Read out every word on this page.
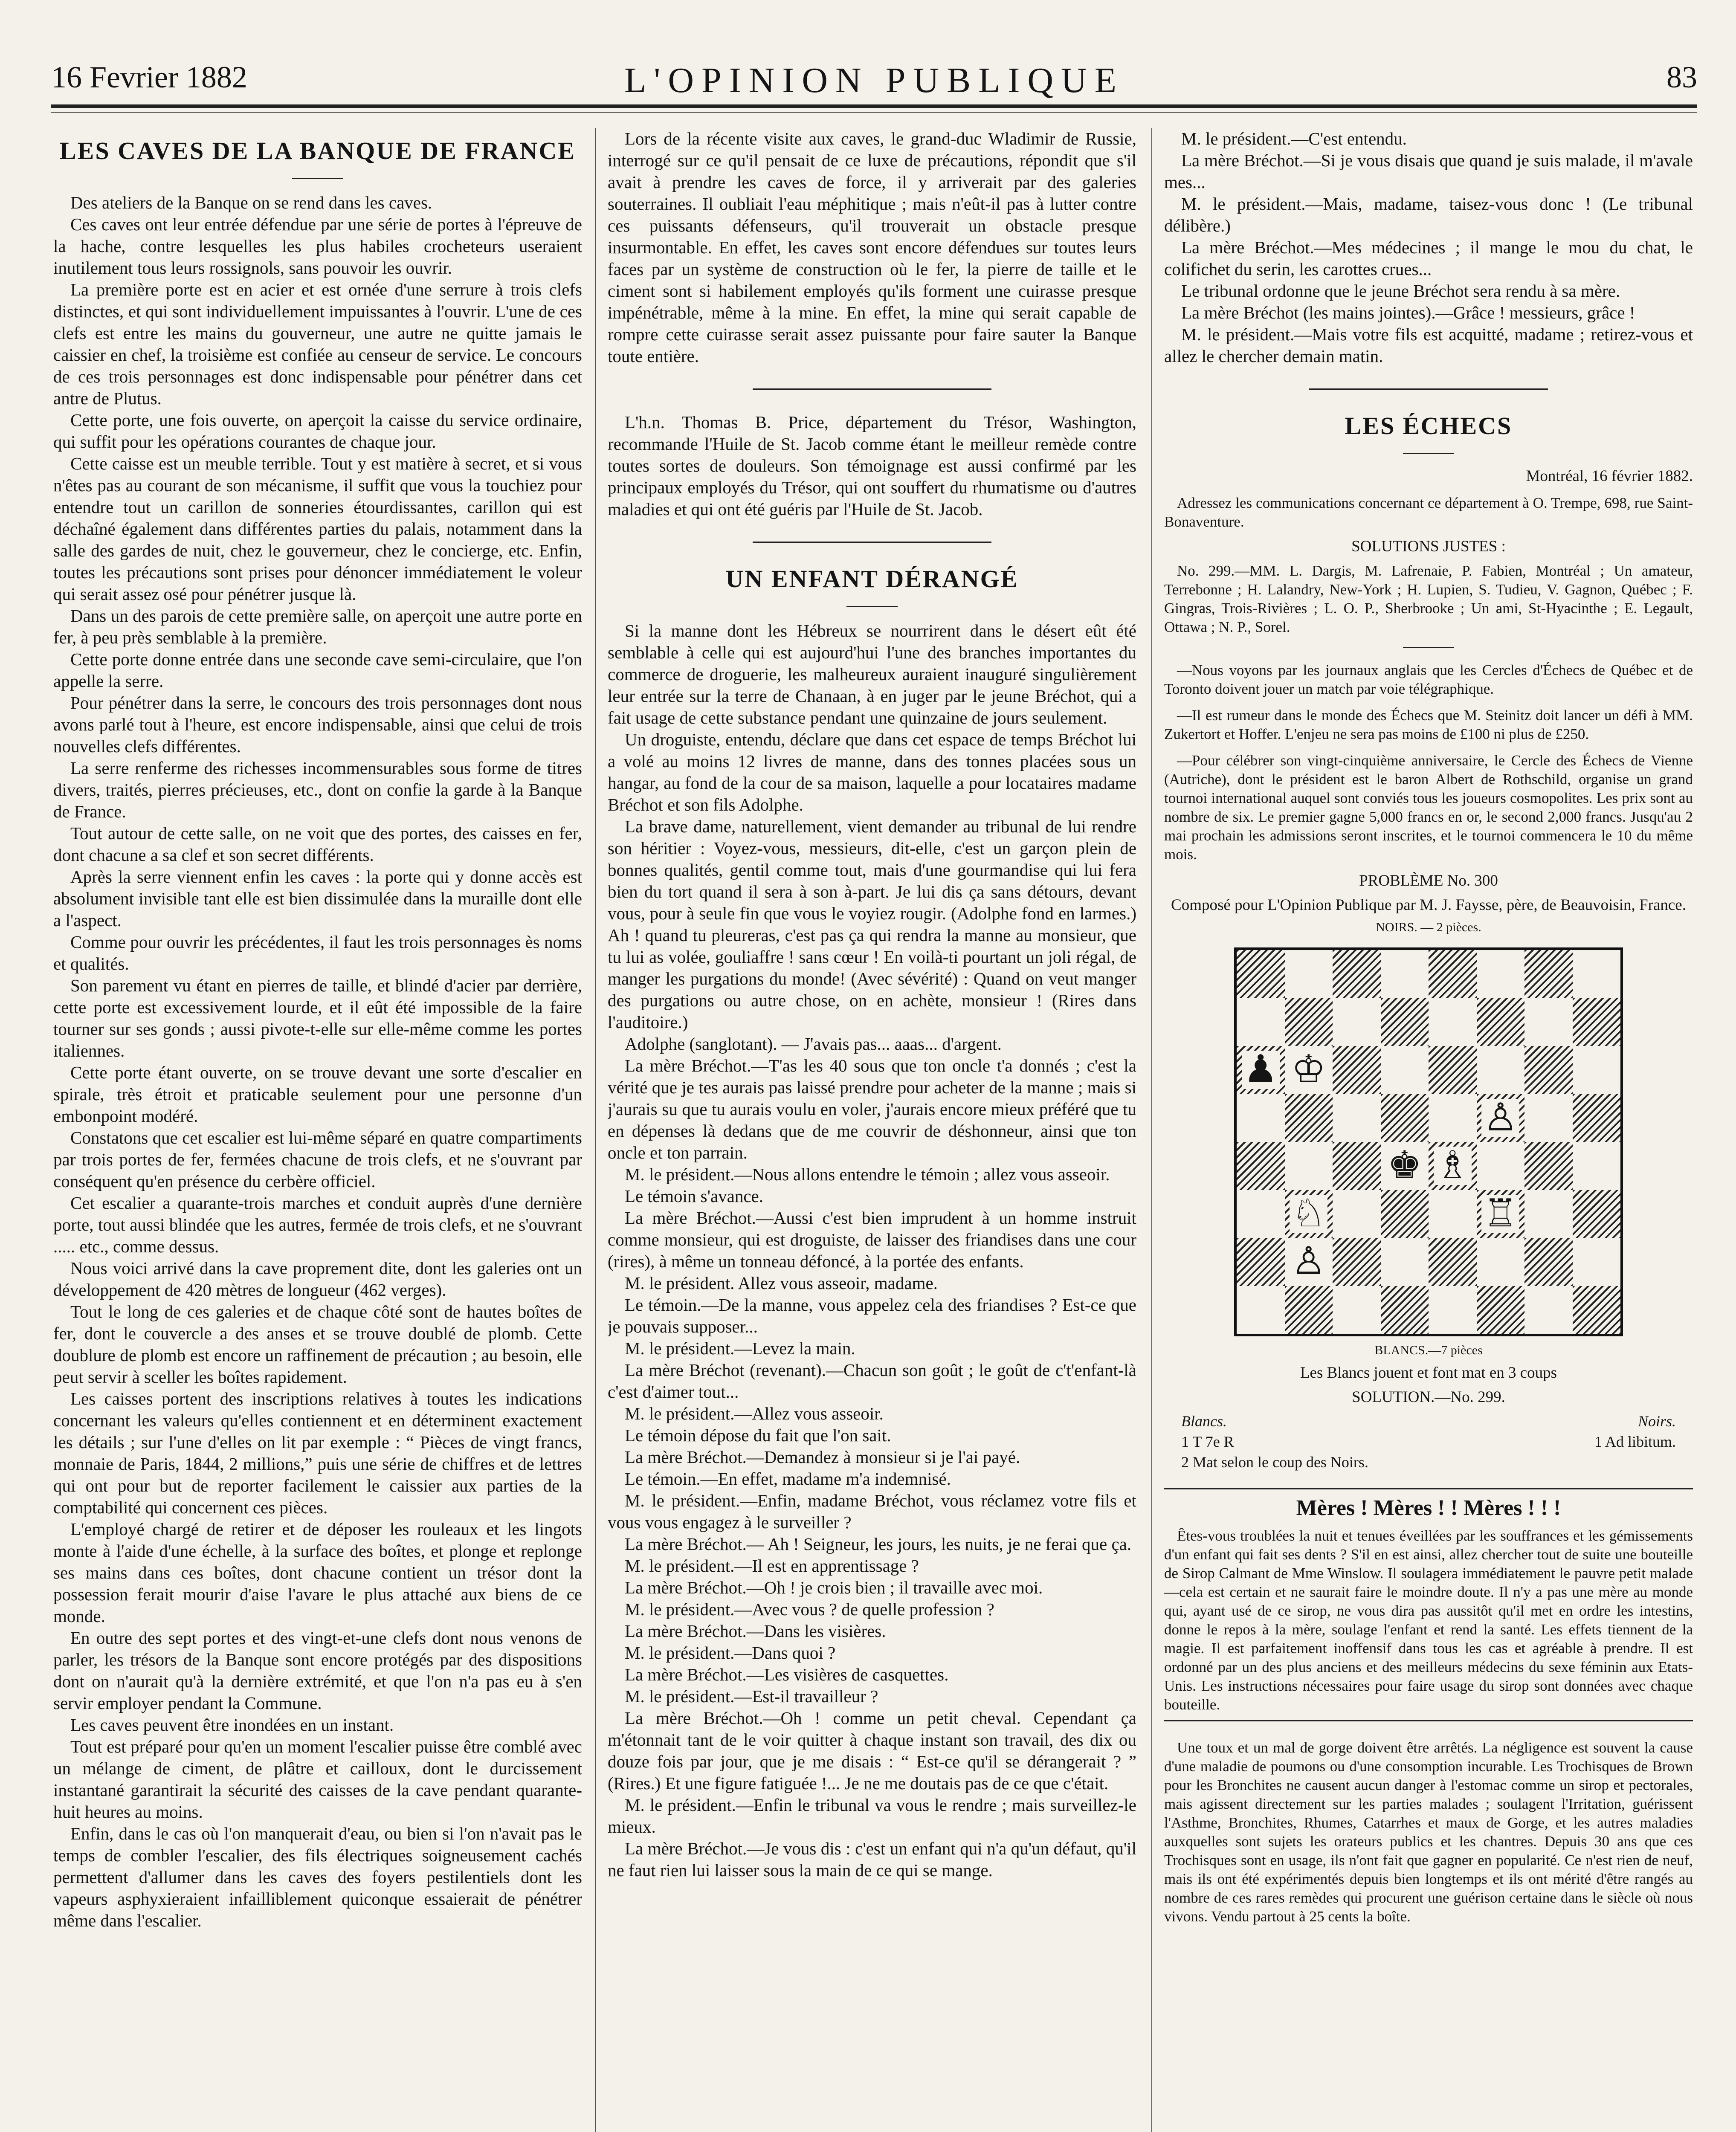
16 Fevrier 1882	L'OPINION PUBLIQUE	83
LES CAVES DE LA BANQUE DE FRANCE

Des ateliers de la Banque on se rend dans les caves.

Ces caves ont leur entrée défendue par une série de portes à l'épreuve de la hache, contre lesquelles les plus habiles crocheteurs useraient inutilement tous leurs rossignols, sans pouvoir les ouvrir.

La première porte est en acier et est ornée d'une serrure à trois clefs distinctes, et qui sont individuellement impuissantes à l'ouvrir. L'une de ces clefs est entre les mains du gouverneur, une autre ne quitte jamais le caissier en chef, la troisième est confiée au censeur de service. Le concours de ces trois personnages est donc indispensable pour pénétrer dans cet antre de Plutus.

Cette porte, une fois ouverte, on aperçoit la caisse du service ordinaire, qui suffit pour les opérations courantes de chaque jour.

Cette caisse est un meuble terrible. Tout y est matière à secret, et si vous n'êtes pas au courant de son mécanisme, il suffit que vous la touchiez pour entendre tout un carillon de sonneries étourdissantes, carillon qui est déchaîné également dans différentes parties du palais, notamment dans la salle des gardes de nuit, chez le gouverneur, chez le concierge, etc. Enfin, toutes les précautions sont prises pour dénoncer immédiatement le voleur qui serait assez osé pour pénétrer jusque là.

Dans un des parois de cette première salle, on aperçoit une autre porte en fer, à peu près semblable à la première.

Cette porte donne entrée dans une seconde cave semi-circulaire, que l'on appelle la serre.

Pour pénétrer dans la serre, le concours des trois personnages dont nous avons parlé tout à l'heure, est encore indispensable, ainsi que celui de trois nouvelles clefs différentes.

La serre renferme des richesses incommensurables sous forme de titres divers, traités, pierres précieuses, etc., dont on confie la garde à la Banque de France.

Tout autour de cette salle, on ne voit que des portes, des caisses en fer, dont chacune a sa clef et son secret différents.

Après la serre viennent enfin les caves : la porte qui y donne accès est absolument invisible tant elle est bien dissimulée dans la muraille dont elle a l'aspect.

Comme pour ouvrir les précédentes, il faut les trois personnages ès noms et qualités.

Son parement vu étant en pierres de taille, et blindé d'acier par derrière, cette porte est excessivement lourde, et il eût été impossible de la faire tourner sur ses gonds ; aussi pivote-t-elle sur elle-même comme les portes italiennes.

Cette porte étant ouverte, on se trouve devant une sorte d'escalier en spirale, très étroit et praticable seulement pour une personne d'un embonpoint modéré.

Constatons que cet escalier est lui-même séparé en quatre compartiments par trois portes de fer, fermées chacune de trois clefs, et ne s'ouvrant par conséquent qu'en présence du cerbère officiel.

Cet escalier a quarante-trois marches et conduit auprès d'une dernière porte, tout aussi blindée que les autres, fermée de trois clefs, et ne s'ouvrant ..... etc., comme dessus.

Nous voici arrivé dans la cave proprement dite, dont les galeries ont un développement de 420 mètres de longueur (462 verges).

Tout le long de ces galeries et de chaque côté sont de hautes boîtes de fer, dont le couvercle a des anses et se trouve doublé de plomb. Cette doublure de plomb est encore un raffinement de précaution ; au besoin, elle peut servir à sceller les boîtes rapidement.

Les caisses portent des inscriptions relatives à toutes les indications concernant les valeurs qu'elles contiennent et en déterminent exactement les détails ; sur l'une d'elles on lit par exemple : “ Pièces de vingt francs, monnaie de Paris, 1844, 2 millions,” puis une série de chiffres et de lettres qui ont pour but de reporter facilement le caissier aux parties de la comptabilité qui concernent ces pièces.

L'employé chargé de retirer et de déposer les rouleaux et les lingots monte à l'aide d'une échelle, à la surface des boîtes, et plonge et replonge ses mains dans ces boîtes, dont chacune contient un trésor dont la possession ferait mourir d'aise l'avare le plus attaché aux biens de ce monde.

En outre des sept portes et des vingt-et-une clefs dont nous venons de parler, les trésors de la Banque sont encore protégés par des dispositions dont on n'aurait qu'à la dernière extrémité, et que l'on n'a pas eu à s'en servir employer pendant la Commune.

Les caves peuvent être inondées en un instant.

Tout est préparé pour qu'en un moment l'escalier puisse être comblé avec un mélange de ciment, de plâtre et cailloux, dont le durcissement instantané garantirait la sécurité des caisses de la cave pendant quarante-huit heures au moins.

Enfin, dans le cas où l'on manquerait d'eau, ou bien si l'on n'avait pas le temps de combler l'escalier, des fils électriques soigneusement cachés permettent d'allumer dans les caves des foyers pestilentiels dont les vapeurs asphyxieraient infailliblement quiconque essaierait de pénétrer même dans l'escalier.

Lors de la récente visite aux caves, le grand-duc Wladimir de Russie, interrogé sur ce qu'il pensait de ce luxe de précautions, répondit que s'il avait à prendre les caves de force, il y arriverait par des galeries souterraines. Il oubliait l'eau méphitique ; mais n'eût-il pas à lutter contre ces puissants défenseurs, qu'il trouverait un obstacle presque insurmontable. En effet, les caves sont encore défendues sur toutes leurs faces par un système de construction où le fer, la pierre de taille et le ciment sont si habilement employés qu'ils forment une cuirasse presque impénétrable, même à la mine. En effet, la mine qui serait capable de rompre cette cuirasse serait assez puissante pour faire sauter la Banque toute entière.

L'h.n. Thomas B. Price, département du Trésor, Washington, recommande l'Huile de St. Jacob comme étant le meilleur remède contre toutes sortes de douleurs. Son témoignage est aussi confirmé par les principaux employés du Trésor, qui ont souffert du rhumatisme ou d'autres maladies et qui ont été guéris par l'Huile de St. Jacob.

UN ENFANT DÉRANGÉ

Si la manne dont les Hébreux se nourrirent dans le désert eût été semblable à celle qui est aujourd'hui l'une des branches importantes du commerce de droguerie, les malheureux auraient inauguré singulièrement leur entrée sur la terre de Chanaan, à en juger par le jeune Bréchot, qui a fait usage de cette substance pendant une quinzaine de jours seulement.

Un droguiste, entendu, déclare que dans cet espace de temps Bréchot lui a volé au moins 12 livres de manne, dans des tonnes placées sous un hangar, au fond de la cour de sa maison, laquelle a pour locataires madame Bréchot et son fils Adolphe.

La brave dame, naturellement, vient demander au tribunal de lui rendre son héritier : Voyez-vous, messieurs, dit-elle, c'est un garçon plein de bonnes qualités, gentil comme tout, mais d'une gourmandise qui lui fera bien du tort quand il sera à son à-part. Je lui dis ça sans détours, devant vous, pour à seule fin que vous le voyiez rougir. (Adolphe fond en larmes.) Ah ! quand tu pleureras, c'est pas ça qui rendra la manne au monsieur, que tu lui as volée, gouliaffre ! sans cœur ! En voilà-ti pourtant un joli régal, de manger les purgations du monde! (Avec sévérité) : Quand on veut manger des purgations ou autre chose, on en achète, monsieur ! (Rires dans l'auditoire.)

Adolphe (sanglotant). — J'avais pas... aaas... d'argent.

La mère Bréchot.—T'as les 40 sous que ton oncle t'a donnés ; c'est la vérité que je tes aurais pas laissé prendre pour acheter de la manne ; mais si j'aurais su que tu aurais voulu en voler, j'aurais encore mieux préféré que tu en dépenses là dedans que de me couvrir de déshonneur, ainsi que ton oncle et ton parrain.

M. le président.—Nous allons entendre le témoin ; allez vous asseoir.

Le témoin s'avance.

La mère Bréchot.—Aussi c'est bien imprudent à un homme instruit comme monsieur, qui est droguiste, de laisser des friandises dans une cour (rires), à même un tonneau défoncé, à la portée des enfants.

M. le président. Allez vous asseoir, madame.

Le témoin.—De la manne, vous appelez cela des friandises ? Est-ce que je pouvais supposer...

M. le président.—Levez la main.

La mère Bréchot (revenant).—Chacun son goût ; le goût de c't'enfant-là c'est d'aimer tout...

M. le président.—Allez vous asseoir.

Le témoin dépose du fait que l'on sait.

La mère Bréchot.—Demandez à monsieur si je l'ai payé.

Le témoin.—En effet, madame m'a indemnisé.

M. le président.—Enfin, madame Bréchot, vous réclamez votre fils et vous vous engagez à le surveiller ?

La mère Bréchot.— Ah ! Seigneur, les jours, les nuits, je ne ferai que ça.

M. le président.—Il est en apprentissage ?

La mère Bréchot.—Oh ! je crois bien ; il travaille avec moi.

M. le président.—Avec vous ? de quelle profession ?

La mère Bréchot.—Dans les visières.

M. le président.—Dans quoi ?

La mère Bréchot.—Les visières de casquettes.

M. le président.—Est-il travailleur ?

La mère Bréchot.—Oh ! comme un petit cheval. Cependant ça m'étonnait tant de le voir quitter à chaque instant son travail, des dix ou douze fois par jour, que je me disais : “ Est-ce qu'il se dérangerait ? ” (Rires.) Et une figure fatiguée !... Je ne me doutais pas de ce que c'était.

M. le président.—Enfin le tribunal va vous le rendre ; mais surveillez-le mieux.

La mère Bréchot.—Je vous dis : c'est un enfant qui n'a qu'un défaut, qu'il ne faut rien lui laisser sous la main de ce qui se mange.

M. le président.—C'est entendu.

La mère Bréchot.—Si je vous disais que quand je suis malade, il m'avale mes...

M. le président.—Mais, madame, taisez-vous donc ! (Le tribunal délibère.)

La mère Bréchot.—Mes médecines ; il mange le mou du chat, le colifichet du serin, les carottes crues...

Le tribunal ordonne que le jeune Bréchot sera rendu à sa mère.

La mère Bréchot (les mains jointes).—Grâce ! messieurs, grâce !

M. le président.—Mais votre fils est acquitté, madame ; retirez-vous et allez le chercher demain matin.

LES ÉCHECS

Montréal, 16 février 1882.

Adressez les communications concernant ce département à O. Trempe, 698, rue Saint-Bonaventure.

SOLUTIONS JUSTES :

No. 299.—MM. L. Dargis, M. Lafrenaie, P. Fabien, Montréal ; Un amateur, Terrebonne ; H. Lalandry, New-York ; H. Lupien, S. Tudieu, V. Gagnon, Québec ; F. Gingras, Trois-Rivières ; L. O. P., Sherbrooke ; Un ami, St-Hyacinthe ; E. Legault, Ottawa ; N. P., Sorel.

—Nous voyons par les journaux anglais que les Cercles d'Échecs de Québec et de Toronto doivent jouer un match par voie télégraphique.

—Il est rumeur dans le monde des Échecs que M. Steinitz doit lancer un défi à MM. Zukertort et Hoffer. L'enjeu ne sera pas moins de £100 ni plus de £250.

—Pour célébrer son vingt-cinquième anniversaire, le Cercle des Échecs de Vienne (Autriche), dont le président est le baron Albert de Rothschild, organise un grand tournoi international auquel sont conviés tous les joueurs cosmopolites. Les prix sont au nombre de six. Le premier gagne 5,000 francs en or, le second 2,000 francs. Jusqu'au 2 mai prochain les admissions seront inscrites, et le tournoi commencera le 10 du même mois.

PROBLÈME No. 300

Composé pour L'Opinion Publique par M. J. Faysse, père, de Beauvoisin, France.

NOIRS. — 2 pièces.

♟ ♔
♙
♚ ♗
♘	♖
♙

BLANCS.—7 pièces

Les Blancs jouent et font mat en 3 coups

SOLUTION.—No. 299.

Blancs.	Noirs.
1 T 7e R	1 Ad libitum.
2 Mat selon le coup des Noirs.
Mères ! Mères ! ! Mères ! ! !

Êtes-vous troublées la nuit et tenues éveillées par les souffrances et les gémissements d'un enfant qui fait ses dents ? S'il en est ainsi, allez chercher tout de suite une bouteille de Sirop Calmant de Mme Winslow. Il soulagera immédiatement le pauvre petit malade—cela est certain et ne saurait faire le moindre doute. Il n'y a pas une mère au monde qui, ayant usé de ce sirop, ne vous dira pas aussitôt qu'il met en ordre les intestins, donne le repos à la mère, soulage l'enfant et rend la santé. Les effets tiennent de la magie. Il est parfaitement inoffensif dans tous les cas et agréable à prendre. Il est ordonné par un des plus anciens et des meilleurs médecins du sexe féminin aux Etats-Unis. Les instructions nécessaires pour faire usage du sirop sont données avec chaque bouteille.

Une toux et un mal de gorge doivent être arrêtés. La négligence est souvent la cause d'une maladie de poumons ou d'une consomption incurable. Les Trochisques de Brown pour les Bronchites ne causent aucun danger à l'estomac comme un sirop et pectorales, mais agissent directement sur les parties malades ; soulagent l'Irritation, guérissent l'Asthme, Bronchites, Rhumes, Catarrhes et maux de Gorge, et les autres maladies auxquelles sont sujets les orateurs publics et les chantres. Depuis 30 ans que ces Trochisques sont en usage, ils n'ont fait que gagner en popularité. Ce n'est rien de neuf, mais ils ont été expérimentés depuis bien longtemps et ils ont mérité d'être rangés au nombre de ces rares remèdes qui procurent une guérison certaine dans le siècle où nous vivons. Vendu partout à 25 cents la boîte.
